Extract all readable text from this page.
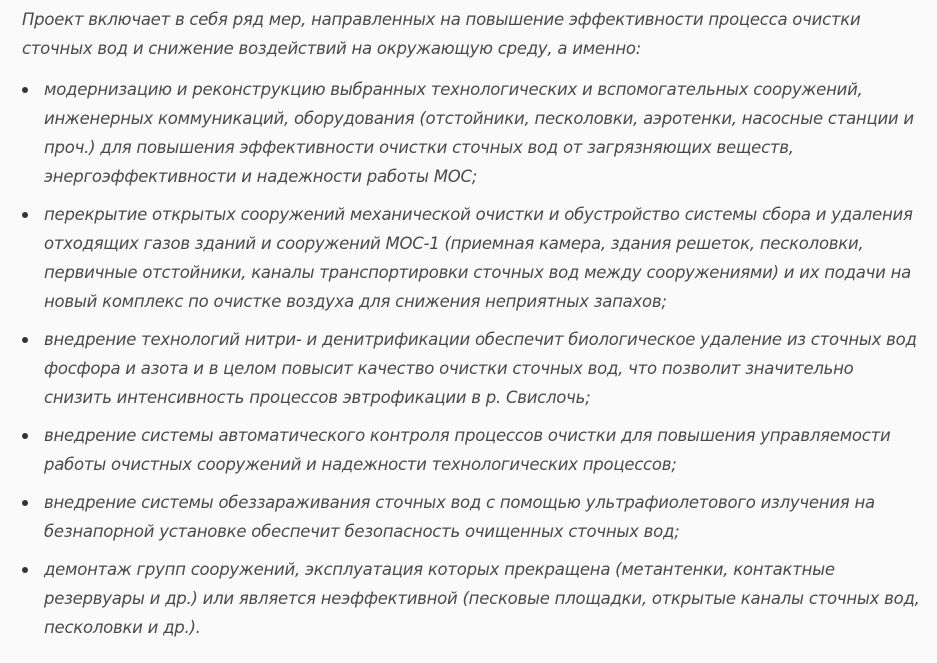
Проект включает в себя ряд мер, направленных на повышение эффективности процесса очистки сточных вод и снижение воздействий на окружающую среду, а именно:

модернизацию и реконструкцию выбранных технологических и вспомогательных сооружений, инженерных коммуникаций, оборудования (отстойники, песколовки, аэротенки, насосные станции и проч.) для повышения эффективности очистки сточных вод от загрязняющих веществ, энергоэффективности и надежности работы МОС;
перекрытие открытых сооружений механической очистки и обустройство системы сбора и удаления отходящих газов зданий и сооружений МОС-1 (приемная камера, здания решеток, песколовки, первичные отстойники, каналы транспортировки сточных вод между сооружениями) и их подачи на новый комплекс по очистке воздуха для снижения неприятных запахов;
внедрение технологий нитри- и денитрификации обеспечит биологическое удаление из сточных вод фосфора и азота и в целом повысит качество очистки сточных вод, что позволит значительно снизить интенсивность процессов эвтрофикации в р. Свислочь;
внедрение системы автоматического контроля процессов очистки для повышения управляемости работы очистных сооружений и надежности технологических процессов;
внедрение системы обеззараживания сточных вод с помощью ультрафиолетового излучения на безнапорной установке обеспечит безопасность очищенных сточных вод;
демонтаж групп сооружений, эксплуатация которых прекращена (метантенки, контактные резервуары и др.) или является неэффективной (песковые площадки, открытые каналы сточных вод, песколовки и др.).
